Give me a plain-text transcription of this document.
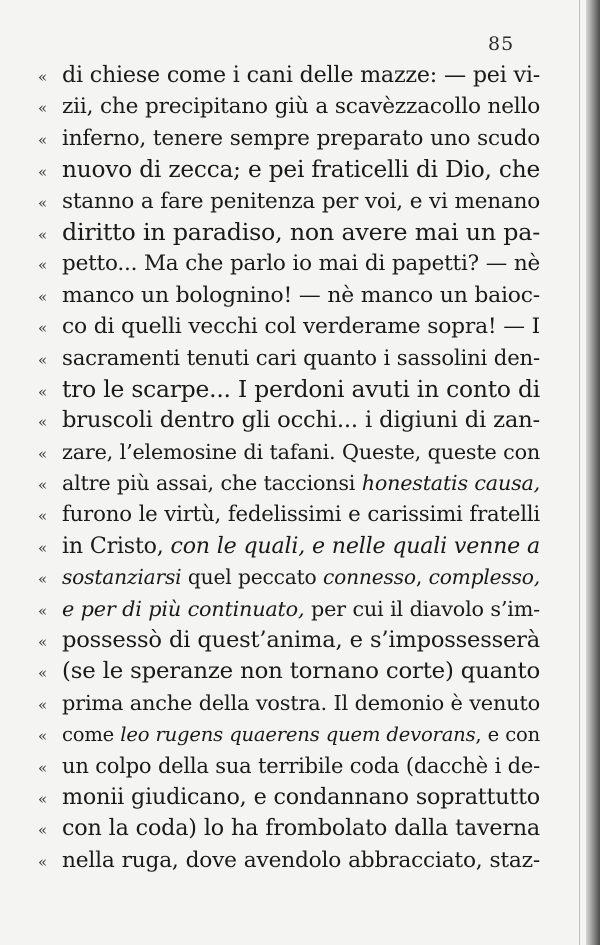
85
« di chiese come i cani delle mazze: — pei vi-
« zii, che precipitano giù a scavèzzacollo nello
« inferno, tenere sempre preparato uno scudo
« nuovo di zecca; e pei fraticelli di Dio, che
« stanno a fare penitenza per voi, e vi menano
« diritto in paradiso, non avere mai un pa-
« petto... Ma che parlo io mai di papetti? — nè
« manco un bolognino! — nè manco un baioc-
« co di quelli vecchi col verderame sopra! — I
« sacramenti tenuti cari quanto i sassolini den-
« tro le scarpe... I perdoni avuti in conto di
« bruscoli dentro gli occhi... i digiuni di zan-
« zare, l’elemosine di tafani. Queste, queste con
« altre più assai, che taccionsi honestatis causa,
« furono le virtù, fedelissimi e carissimi fratelli
« in Cristo, con le quali, e nelle quali venne a
« sostanziarsi quel peccato connesso, complesso,
« e per di più continuato, per cui il diavolo s’im-
« possessò di quest’anima, e s’impossesserà
« (se le speranze non tornano corte) quanto
« prima anche della vostra. Il demonio è venuto
« come leo rugens quaerens quem devorans, e con
« un colpo della sua terribile coda (dacchè i de-
« monii giudicano, e condannano soprattutto
« con la coda) lo ha frombolato dalla taverna
« nella ruga, dove avendolo abbracciato, staz-
